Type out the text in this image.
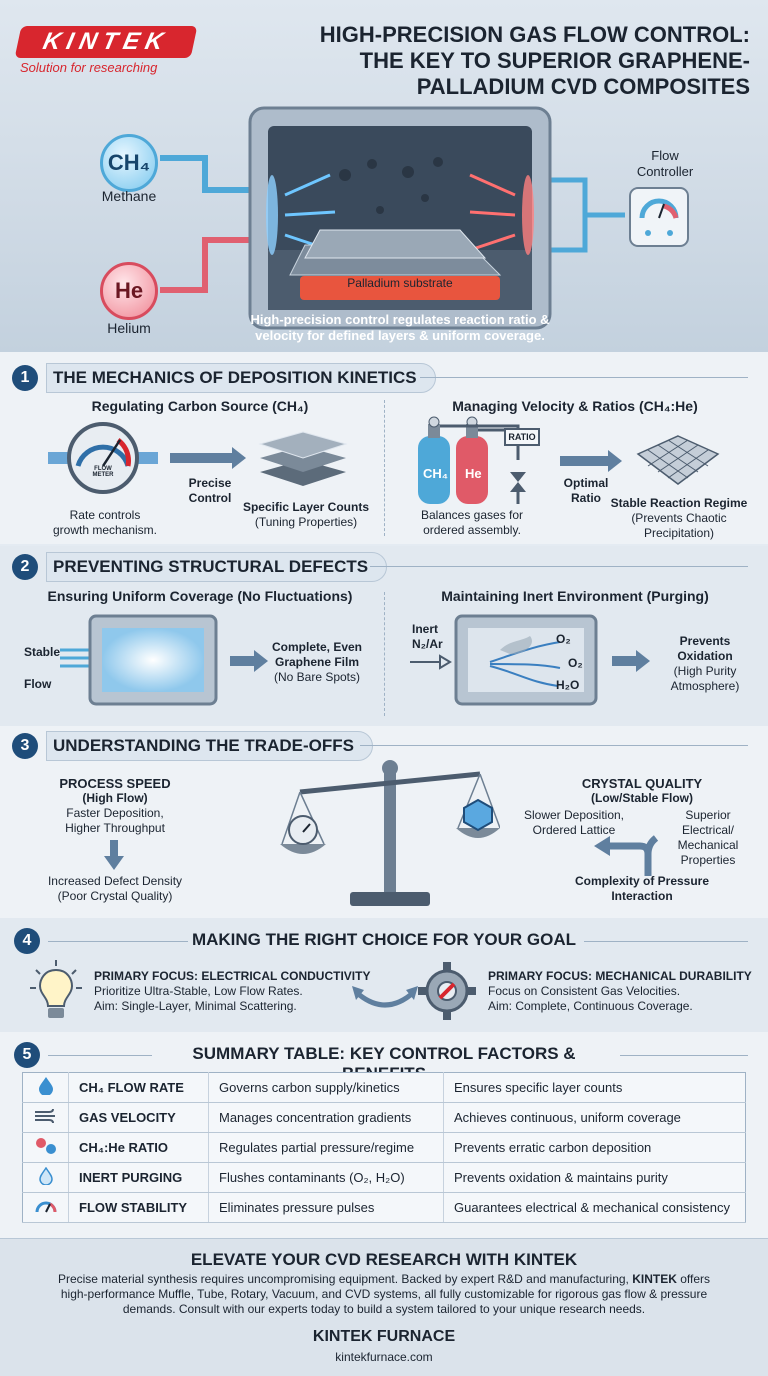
KINTEK
Solution for researching
HIGH-PRECISION GAS FLOW CONTROL:
THE KEY TO SUPERIOR GRAPHENE-
PALLADIUM CVD COMPOSITES
CH₄
Methane
He
Helium
Palladium substrate
Flow
Controller
High-precision control regulates reaction ratio &
velocity for defined layers & uniform coverage.
1	THE MECHANICS OF DEPOSITION KINETICS
Regulating Carbon Source (CH₄)
FLOW METER
Precise
Control
Rate controls
growth mechanism.
Specific Layer Counts
(Tuning Properties)
Managing Velocity & Ratios (CH₄:He)
RATIO
CH₄ He
Optimal
Ratio
Balances gases for
ordered assembly.
Stable Reaction Regime
(Prevents Chaotic
Precipitation)
2	PREVENTING STRUCTURAL DEFECTS
Ensuring Uniform Coverage (No Fluctuations)
Stable
Flow
Complete, Even
Graphene Film
(No Bare Spots)
Maintaining Inert Environment (Purging)
Inert
N₂/Ar	O₂
O₂
H₂O
Prevents
Oxidation
(High Purity
Atmosphere)
3	UNDERSTANDING THE TRADE-OFFS
PROCESS SPEED
(High Flow)
Faster Deposition,
Higher Throughput
Increased Defect Density
(Poor Crystal Quality)
CRYSTAL QUALITY
(Low/Stable Flow)
Slower Deposition,
Ordered Lattice
Superior
Electrical/
Mechanical
Properties
Complexity of Pressure
Interaction
4	MAKING THE RIGHT CHOICE FOR YOUR GOAL
PRIMARY FOCUS: ELECTRICAL CONDUCTIVITY
Prioritize Ultra-Stable, Low Flow Rates.
Aim: Single-Layer, Minimal Scattering.
PRIMARY FOCUS: MECHANICAL DURABILITY
Focus on Consistent Gas Velocities.
Aim: Complete, Continuous Coverage.
5	SUMMARY TABLE: KEY CONTROL FACTORS &
	CH₄ FLOW RATE	Governs carbon supply/kinetics	Ensures specific layer counts
	GAS VELOCITY	Manages concentration gradients	Achieves continuous, uniform coverage
	CH₄:He RATIO	Regulates partial pressure/regime	Prevents erratic carbon deposition
	INERT PURGING	Flushes contaminants (O₂, H₂O)	Prevents oxidation & maintains purity
	FLOW STABILITY	Eliminates pressure pulses	Guarantees electrical & mechanical consistency
ELEVATE YOUR CVD RESEARCH WITH KINTEK
Precise material synthesis requires uncompromising equipment. Backed by expert R&D and manufacturing, KINTEK offers
high-performance Muffle, Tube, Rotary, Vacuum, and CVD systems, all fully customizable for rigorous gas flow & pressure
demands. Consult with our experts today to build a system tailored to your unique research needs.
KINTEK FURNACE
kintekfurnace.com
